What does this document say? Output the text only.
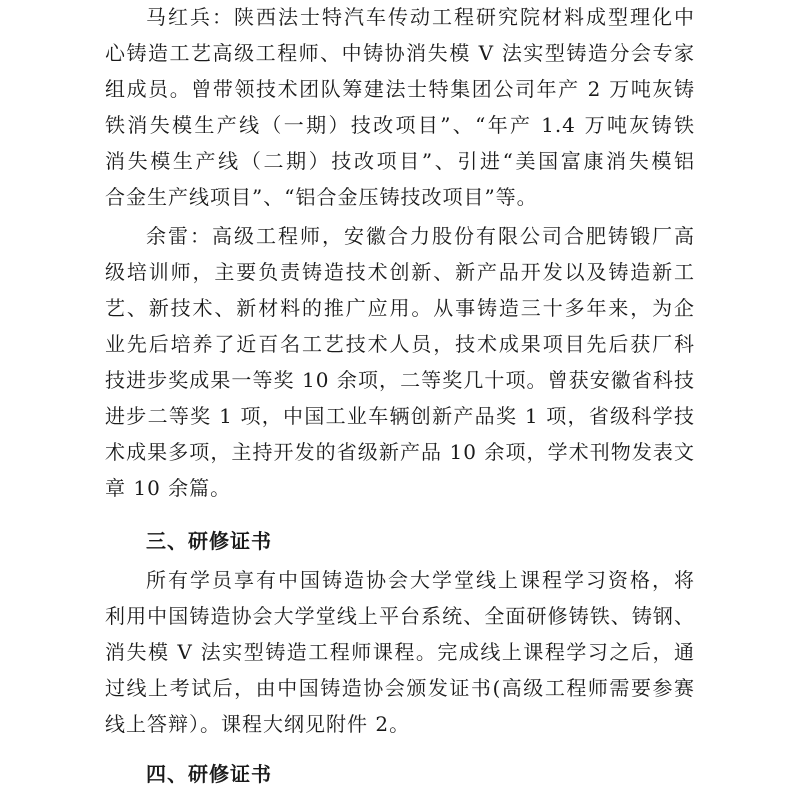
马红兵：陕西法士特汽车传动工程研究院材料成型理化中
心铸造工艺高级工程师、中铸协消失模 V 法实型铸造分会专家
组成员。曾带领技术团队筹建法士特集团公司年产 2 万吨灰铸
铁消失模生产线（一期）技改项目”、“年产 1.4 万吨灰铸铁
消失模生产线（二期）技改项目”、引进“美国富康消失模铝
合金生产线项目”、“铝合金压铸技改项目”等。
余雷：高级工程师，安徽合力股份有限公司合肥铸锻厂高
级培训师，主要负责铸造技术创新、新产品开发以及铸造新工
艺、新技术、新材料的推广应用。从事铸造三十多年来，为企
业先后培养了近百名工艺技术人员，技术成果项目先后获厂科
技进步奖成果一等奖 10 余项，二等奖几十项。曾获安徽省科技
进步二等奖 1 项，中国工业车辆创新产品奖 1 项，省级科学技
术成果多项，主持开发的省级新产品 10 余项，学术刊物发表文
章 10 余篇。
三、研修证书
所有学员享有中国铸造协会大学堂线上课程学习资格，将
利用中国铸造协会大学堂线上平台系统、全面研修铸铁、铸钢、
消失模 V 法实型铸造工程师课程。完成线上课程学习之后，通
过线上考试后，由中国铸造协会颁发证书(高级工程师需要参赛
线上答辩）。课程大纲见附件 2。
四、研修证书
